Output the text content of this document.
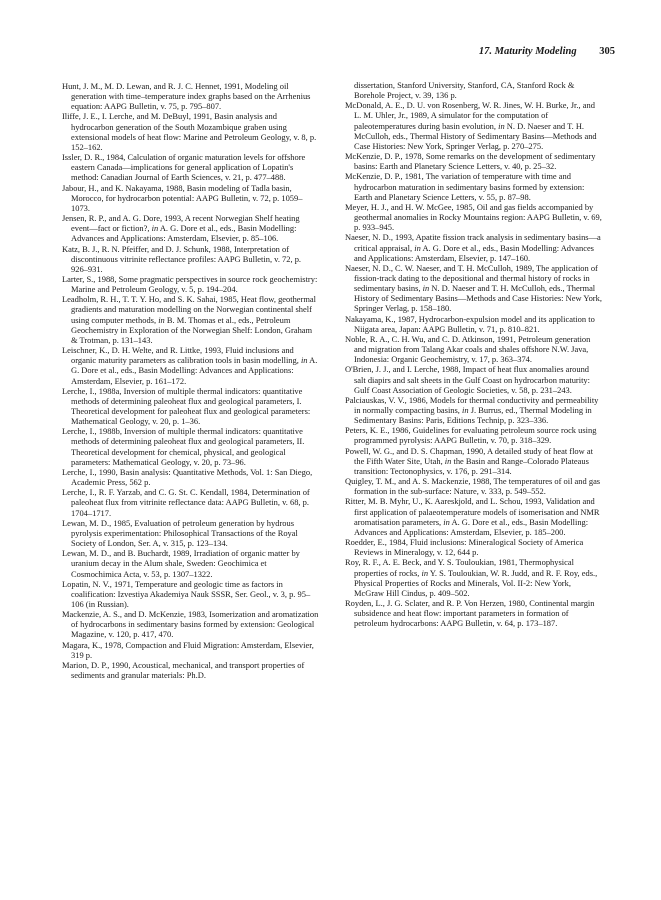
17. Maturity Modeling 305
Hunt, J. M., M. D. Lewan, and R. J. C. Hennet, 1991, Modeling oil generation with time–temperature index graphs based on the Arrhenius equation: AAPG Bulletin, v. 75, p. 795–807.
Iliffe, J. E., I. Lerche, and M. DeBuyl, 1991, Basin analysis and hydrocarbon generation of the South Mozambique graben using extensional models of heat flow: Marine and Petroleum Geology, v. 8, p. 152–162.
Issler, D. R., 1984, Calculation of organic maturation levels for offshore eastern Canada—implications for general application of Lopatin's method: Canadian Journal of Earth Sciences, v. 21, p. 477–488.
Jabour, H., and K. Nakayama, 1988, Basin modeling of Tadla basin, Morocco, for hydrocarbon potential: AAPG Bulletin, v. 72, p. 1059–1073.
Jensen, R. P., and A. G. Dore, 1993, A recent Norwegian Shelf heating event—fact or fiction?, in A. G. Dore et al., eds., Basin Modelling: Advances and Applications: Amsterdam, Elsevier, p. 85–106.
Katz, B. J., R. N. Pfeiffer, and D. J. Schunk, 1988, Interpretation of discontinuous vitrinite reflectance profiles: AAPG Bulletin, v. 72, p. 926–931.
Larter, S., 1988, Some pragmatic perspectives in source rock geochemistry: Marine and Petroleum Geology, v. 5, p. 194–204.
Leadholm, R. H., T. T. Y. Ho, and S. K. Sahai, 1985, Heat flow, geothermal gradients and maturation modelling on the Norwegian continental shelf using computer methods, in B. M. Thomas et al., eds., Petroleum Geochemistry in Exploration of the Norwegian Shelf: London, Graham & Trotman, p. 131–143.
Leischner, K., D. H. Welte, and R. Littke, 1993, Fluid inclusions and organic maturity parameters as calibration tools in basin modelling, in A. G. Dore et al., eds., Basin Modelling: Advances and Applications: Amsterdam, Elsevier, p. 161–172.
Lerche, I., 1988a, Inversion of multiple thermal indicators: quantitative methods of determining paleoheat flux and geological parameters, I. Theoretical development for paleoheat flux and geological parameters: Mathematical Geology, v. 20, p. 1–36.
Lerche, I., 1988b, Inversion of multiple thermal indicators: quantitative methods of determining paleoheat flux and geological parameters, II. Theoretical development for chemical, physical, and geological parameters: Mathematical Geology, v. 20, p. 73–96.
Lerche, I., 1990, Basin analysis: Quantitative Methods, Vol. 1: San Diego, Academic Press, 562 p.
Lerche, I., R. F. Yarzab, and C. G. St. C. Kendall, 1984, Determination of paleoheat flux from vitrinite reflectance data: AAPG Bulletin, v. 68, p. 1704–1717.
Lewan, M. D., 1985, Evaluation of petroleum generation by hydrous pyrolysis experimentation: Philosophical Transactions of the Royal Society of London, Ser. A, v. 315, p. 123–134.
Lewan, M. D., and B. Buchardt, 1989, Irradiation of organic matter by uranium decay in the Alum shale, Sweden: Geochimica et Cosmochimica Acta, v. 53, p. 1307–1322.
Lopatin, N. V., 1971, Temperature and geologic time as factors in coalification: Izvestiya Akademiya Nauk SSSR, Ser. Geol., v. 3, p. 95–106 (in Russian).
Mackenzie, A. S., and D. McKenzie, 1983, Isomerization and aromatization of hydrocarbons in sedimentary basins formed by extension: Geological Magazine, v. 120, p. 417, 470.
Magara, K., 1978, Compaction and Fluid Migration: Amsterdam, Elsevier, 319 p.
Marion, D. P., 1990, Acoustical, mechanical, and transport properties of sediments and granular materials: Ph.D.
dissertation, Stanford University, Stanford, CA, Stanford Rock & Borehole Project, v. 39, 136 p.
McDonald, A. E., D. U. von Rosenberg, W. R. Jines, W. H. Burke, Jr., and L. M. Uhler, Jr., 1989, A simulator for the computation of paleotemperatures during basin evolution, in N. D. Naeser and T. H. McCulloh, eds., Thermal History of Sedimentary Basins—Methods and Case Histories: New York, Springer Verlag, p. 270–275.
McKenzie, D. P., 1978, Some remarks on the development of sedimentary basins: Earth and Planetary Science Letters, v. 40, p. 25–32.
McKenzie, D. P., 1981, The variation of temperature with time and hydrocarbon maturation in sedimentary basins formed by extension: Earth and Planetary Science Letters, v. 55, p. 87–98.
Meyer, H. J., and H. W. McGee, 1985, Oil and gas fields accompanied by geothermal anomalies in Rocky Mountains region: AAPG Bulletin, v. 69, p. 933–945.
Naeser, N. D., 1993, Apatite fission track analysis in sedimentary basins—a critical appraisal, in A. G. Dore et al., eds., Basin Modelling: Advances and Applications: Amsterdam, Elsevier, p. 147–160.
Naeser, N. D., C. W. Naeser, and T. H. McCulloh, 1989, The application of fission-track dating to the depositional and thermal history of rocks in sedimentary basins, in N. D. Naeser and T. H. McCulloh, eds., Thermal History of Sedimentary Basins—Methods and Case Histories: New York, Springer Verlag, p. 158–180.
Nakayama, K., 1987, Hydrocarbon-expulsion model and its application to Niigata area, Japan: AAPG Bulletin, v. 71, p. 810–821.
Noble, R. A., C. H. Wu, and C. D. Atkinson, 1991, Petroleum generation and migration from Talang Akar coals and shales offshore N.W. Java, Indonesia: Organic Geochemistry, v. 17, p. 363–374.
O'Brien, J. J., and I. Lerche, 1988, Impact of heat flux anomalies around salt diapirs and salt sheets in the Gulf Coast on hydrocarbon maturity: Gulf Coast Association of Geologic Societies, v. 58, p. 231–243.
Palciauskas, V. V., 1986, Models for thermal conductivity and permeability in normally compacting basins, in J. Burrus, ed., Thermal Modeling in Sedimentary Basins: Paris, Editions Technip, p. 323–336.
Peters, K. E., 1986, Guidelines for evaluating petroleum source rock using programmed pyrolysis: AAPG Bulletin, v. 70, p. 318–329.
Powell, W. G., and D. S. Chapman, 1990, A detailed study of heat flow at the Fifth Water Site, Utah, in the Basin and Range–Colorado Plateaus transition: Tectonophysics, v. 176, p. 291–314.
Quigley, T. M., and A. S. Mackenzie, 1988, The temperatures of oil and gas formation in the sub-surface: Nature, v. 333, p. 549–552.
Ritter, M. B. Myhr, U., K. Aareskjold, and L. Schou, 1993, Validation and first application of palaeotemperature models of isomerisation and NMR aromatisation parameters, in A. G. Dore et al., eds., Basin Modelling: Advances and Applications: Amsterdam, Elsevier, p. 185–200.
Roedder, E., 1984, Fluid inclusions: Mineralogical Society of America Reviews in Mineralogy, v. 12, 644 p.
Roy, R. F., A. E. Beck, and Y. S. Touloukian, 1981, Thermophysical properties of rocks, in Y. S. Touloukian, W. R. Judd, and R. F. Roy, eds., Physical Properties of Rocks and Minerals, Vol. II-2: New York, McGraw Hill Cindus, p. 409–502.
Royden, L., J. G. Sclater, and R. P. Von Herzen, 1980, Continental margin subsidence and heat flow: important parameters in formation of petroleum hydrocarbons: AAPG Bulletin, v. 64, p. 173–187.
